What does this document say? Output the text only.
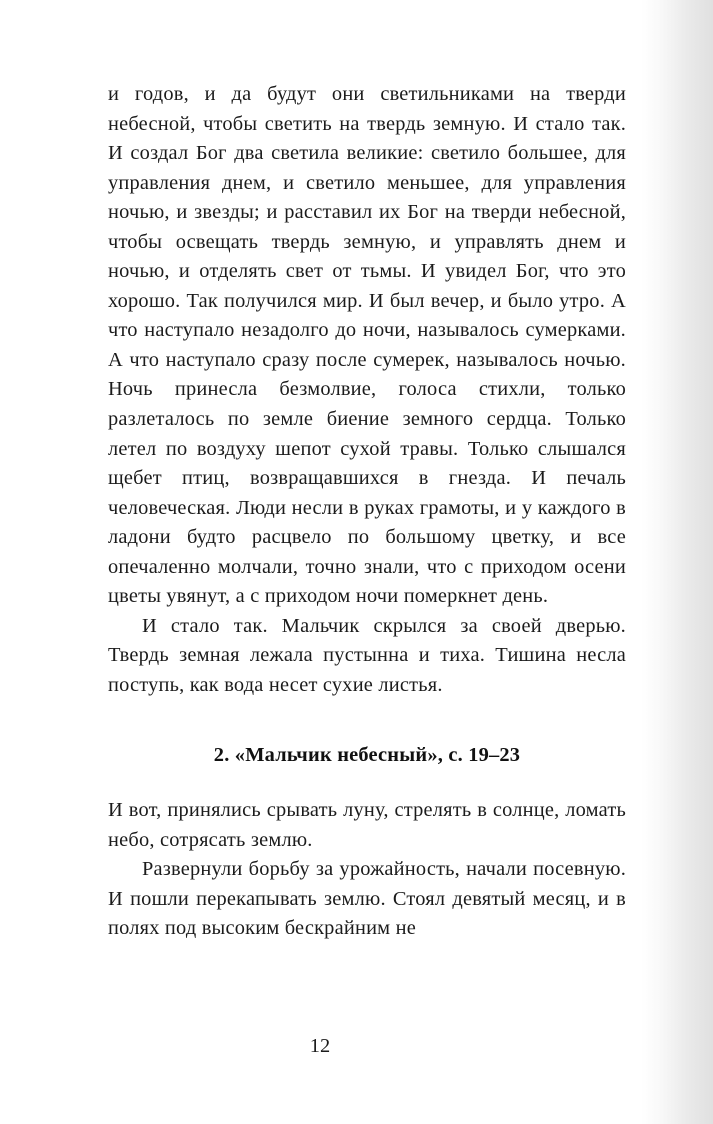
и годов, и да будут они светильниками на тверди небесной, чтобы светить на твердь земную. И стало так. И создал Бог два светила великие: светило большее, для управления днем, и светило меньшее, для управления ночью, и звезды; и расставил их Бог на тверди небесной, чтобы освещать твердь земную, и управлять днем и ночью, и отделять свет от тьмы. И увидел Бог, что это хорошо. Так получился мир. И был вечер, и было утро. А что наступало незадолго до ночи, называлось сумерками. А что наступало сразу после сумерек, называлось ночью. Ночь принесла безмолвие, голоса стихли, только разлеталось по земле биение земного сердца. Только летел по воздуху шепот сухой травы. Только слышался щебет птиц, возвращавшихся в гнезда. И печаль человеческая. Люди несли в руках грамоты, и у каждого в ладони будто расцвело по большому цветку, и все опечаленно молчали, точно знали, что с приходом осени цветы увянут, а с приходом ночи померкнет день.

И стало так. Мальчик скрылся за своей дверью. Твердь земная лежала пустынна и тиха. Тишина несла поступь, как вода несет сухие листья.

2. «Мальчик небесный», с. 19–23

И вот, принялись срывать луну, стрелять в солнце, ломать небо, сотрясать землю.

Развернули борьбу за урожайность, начали посевную. И пошли перекапывать землю. Стоял девятый месяц, и в полях под высоким бескрайним не

12
